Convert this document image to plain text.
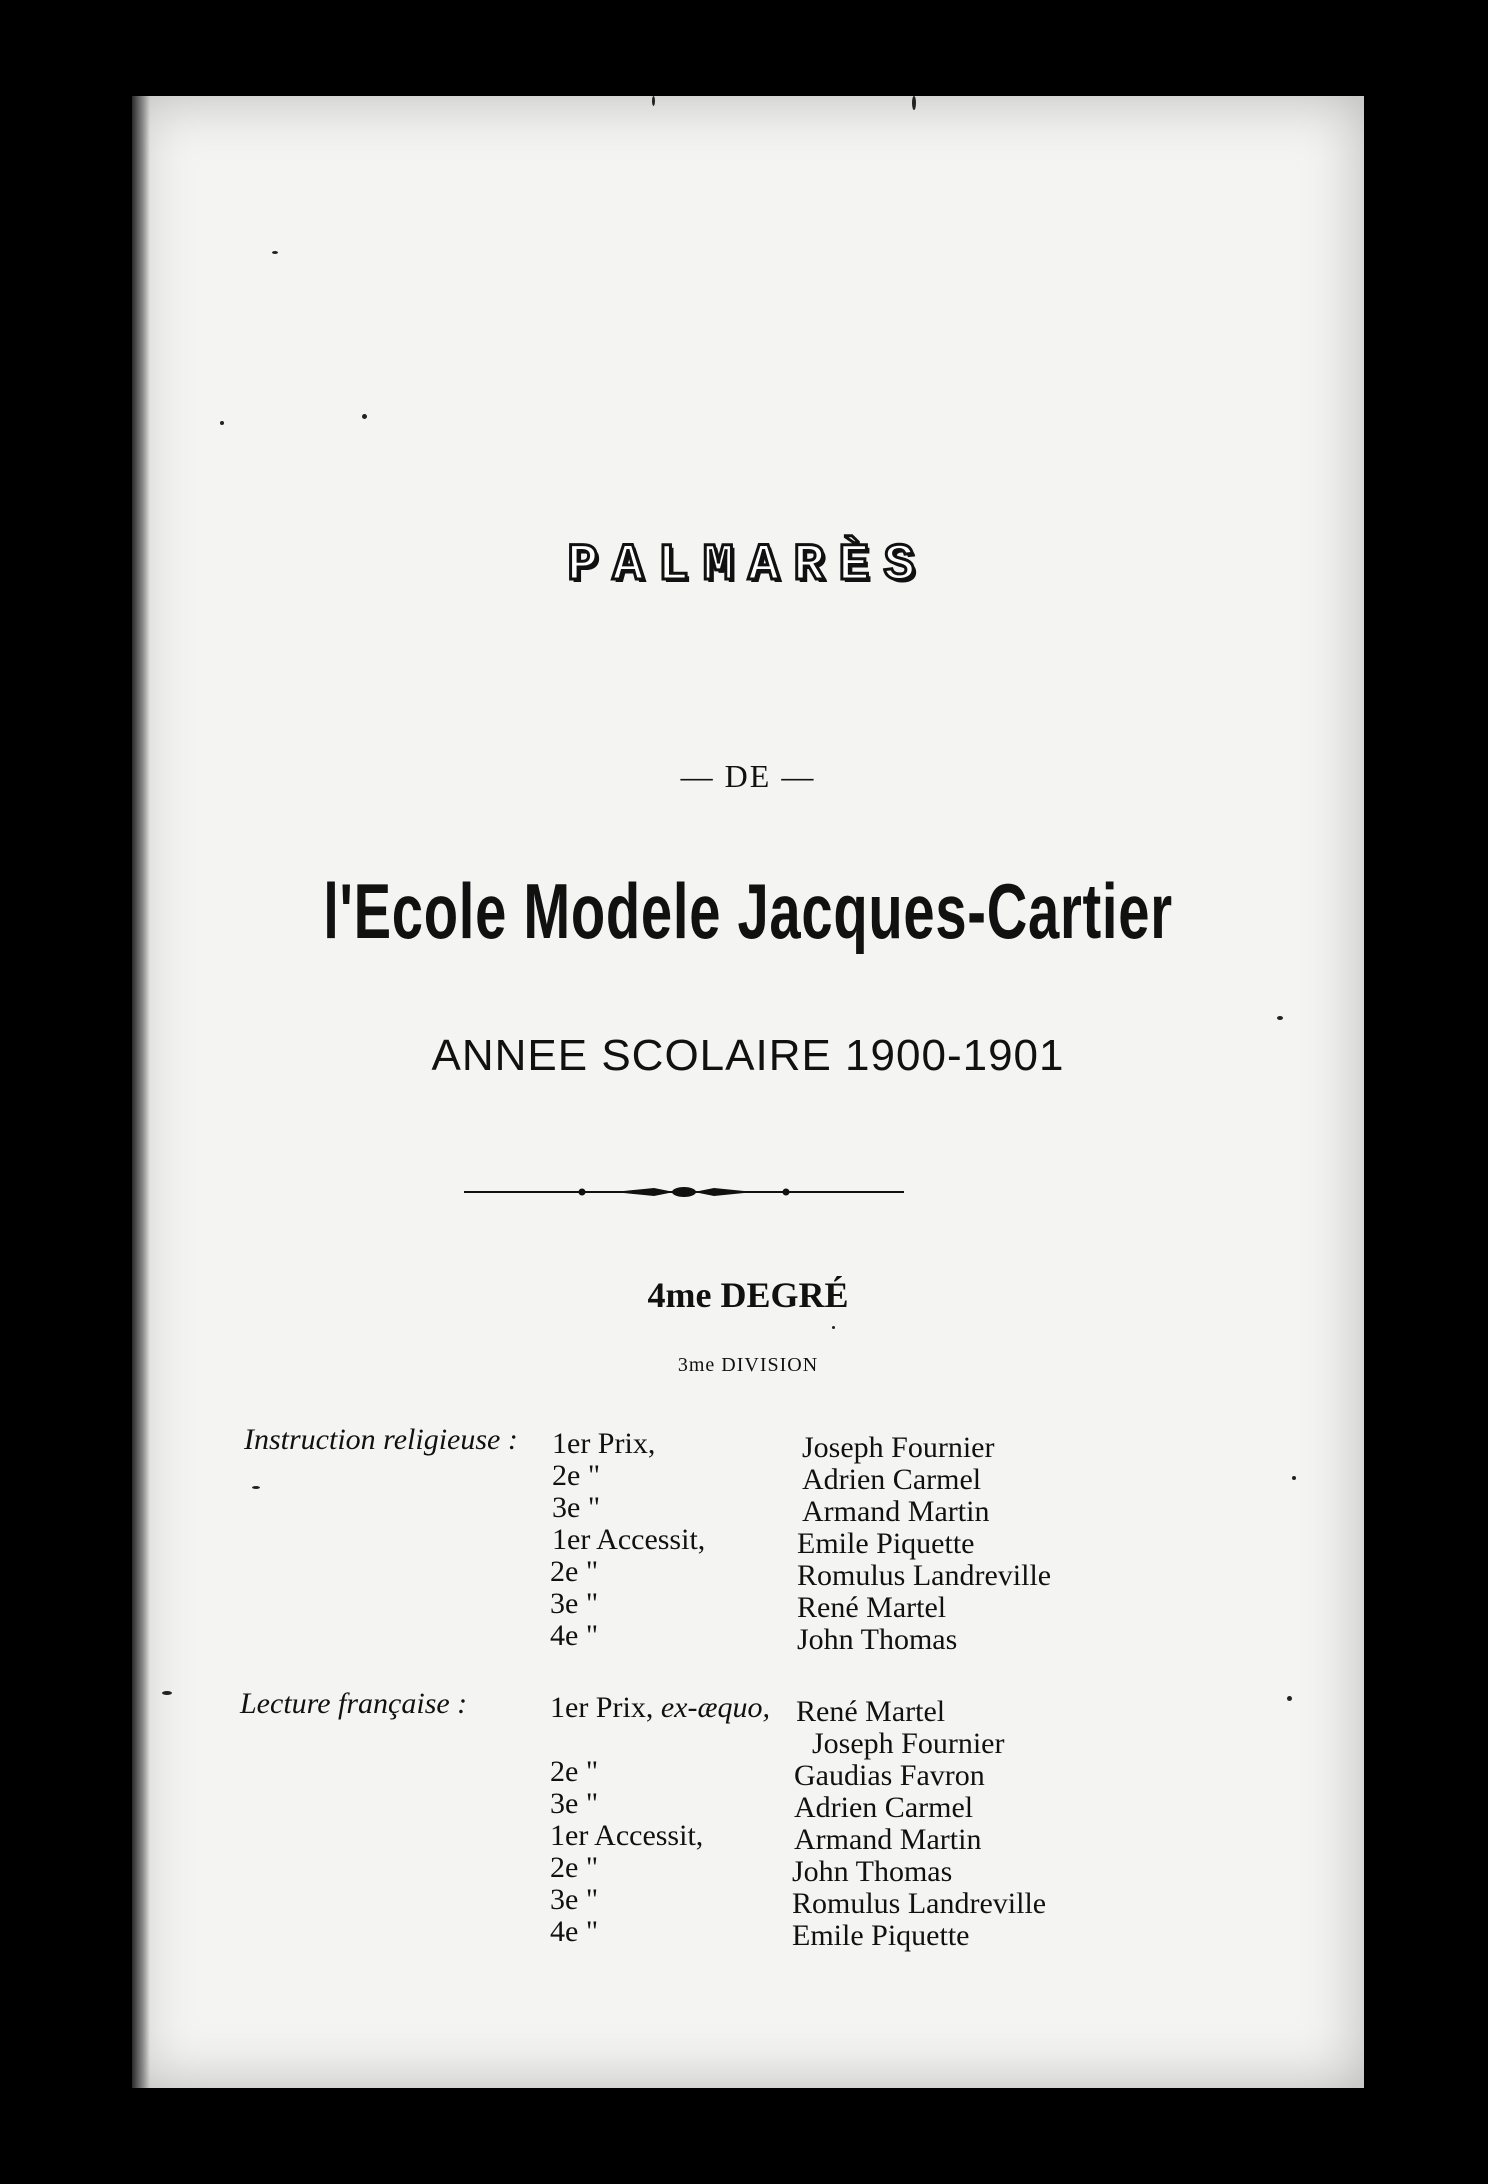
PALMARÈS
— DE —
l'Ecole Modele Jacques-Cartier
ANNEE SCOLAIRE 1900-1901
4me DEGRÉ
3me DIVISION
Instruction religieuse : 1er Prix,	Joseph Fournier
2e "	Adrien Carmel
3e "	Armand Martin
1er Accessit,	Emile Piquette
2e "	Romulus Landreville
3e "	René Martel
4e "	John Thomas
Lecture française :	1er Prix, ex-æquo, René Martel
Joseph Fournier
2e "	Gaudias Favron
3e "	Adrien Carmel
1er Accessit,	Armand Martin
2e "	John Thomas
3e "	Romulus Landreville
4e "	Emile Piquette
